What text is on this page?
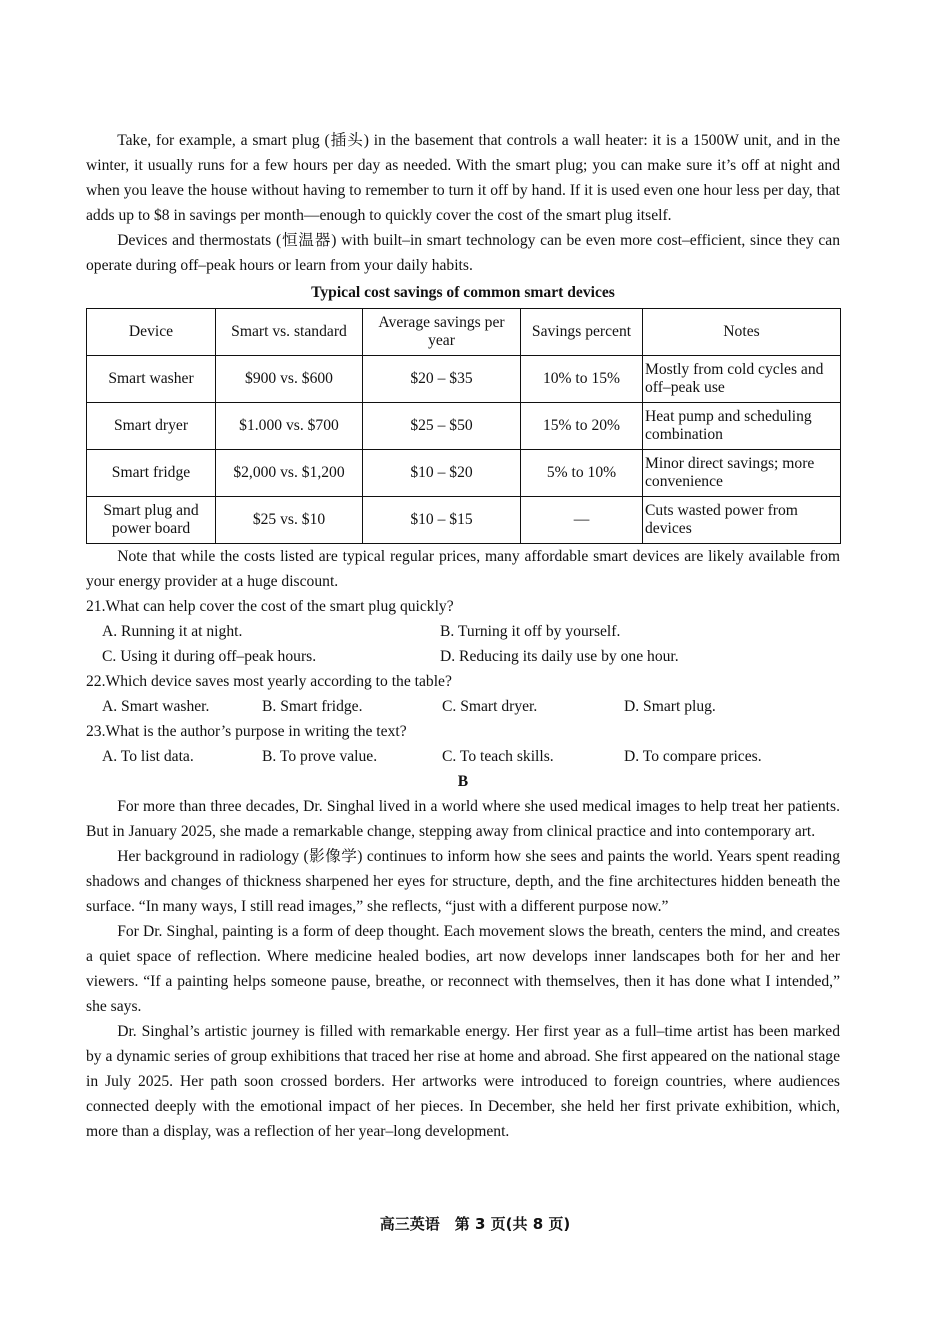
Take, for example, a smart plug (插头) in the basement that controls a wall heater: it is a 1500W unit, and in the winter, it usually runs for a few hours per day as needed. With the smart plug; you can make sure it’s off at night and when you leave the house without having to remember to turn it off by hand. If it is used even one hour less per day, that adds up to $8 in savings per month—enough to quickly cover the cost of the smart plug itself.

Devices and thermostats (恒温器) with built–in smart technology can be even more cost–efficient, since they can operate during off–peak hours or learn from your daily habits.

Typical cost savings of common smart devices
Device	Smart vs. standard	Average savings per year	Savings percent	Notes
Smart washer	$900 vs. $600	$20 – $35	10% to 15%	Mostly from cold cycles and off–peak use
Smart dryer	$1.000 vs. $700	$25 – $50	15% to 20%	Heat pump and scheduling combination
Smart fridge	$2,000 vs. $1,200	$10 – $20	5% to 10%	Minor direct savings; more convenience
Smart plug and power board	$25 vs. $10	$10 – $15	—	Cuts wasted power from devices

Note that while the costs listed are typical regular prices, many affordable smart devices are likely available from your energy provider at a huge discount.

21.What can help cover the cost of the smart plug quickly?

A. Running it at night.	B. Turning it off by yourself.
C. Using it during off–peak hours.	D. Reducing its daily use by one hour.

22.Which device saves most yearly according to the table?

A. Smart washer.	B. Smart fridge.	C. Smart dryer.	D. Smart plug.

23.What is the author’s purpose in writing the text?

A. To list data.	B. To prove value.	C. To teach skills.	D. To compare prices.

B

For more than three decades, Dr. Singhal lived in a world where she used medical images to help treat her patients. But in January 2025, she made a remarkable change, stepping away from clinical practice and into contemporary art.

Her background in radiology (影像学) continues to inform how she sees and paints the world. Years spent reading shadows and changes of thickness sharpened her eyes for structure, depth, and the fine architectures hidden beneath the surface. “In many ways, I still read images,” she reflects, “just with a different purpose now.”

For Dr. Singhal, painting is a form of deep thought. Each movement slows the breath, centers the mind, and creates a quiet space of reflection. Where medicine healed bodies, art now develops inner landscapes both for her and her viewers. “If a painting helps someone pause, breathe, or reconnect with themselves, then it has done what I intended,” she says.

Dr. Singhal’s artistic journey is filled with remarkable energy. Her first year as a full–time artist has been marked by a dynamic series of group exhibitions that traced her rise at home and abroad. She first appeared on the national stage in July 2025. Her path soon crossed borders. Her artworks were introduced to foreign countries, where audiences connected deeply with the emotional impact of her pieces. In December, she held her first private exhibition, which, more than a display, was a reflection of her year–long development.

高三英语　第 3 页(共 8 页)
